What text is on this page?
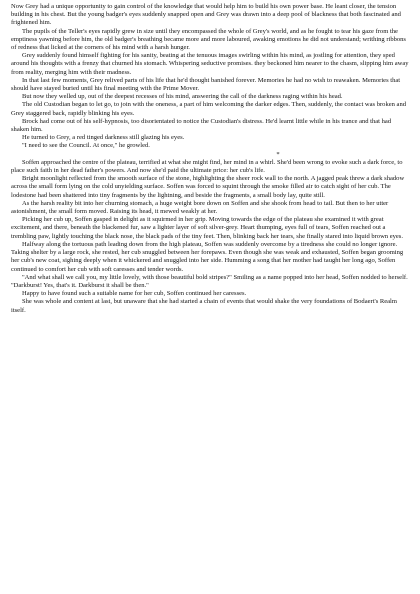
Now Grey had a unique opportunity to gain control of the knowledge that would help him to build his own power base. He leant closer, the tension building in his chest. But the young badger's eyes suddenly snapped open and Grey was drawn into a deep pool of blackness that both fascinated and frightened him.

The pupils of the Teller's eyes rapidly grew in size until they encompassed the whole of Grey's world, and as he fought to tear his gaze from the emptiness yawning before him, the old badger's breathing became more and more laboured, awaking emotions he did not understand; writhing ribbons of redness that licked at the corners of his mind with a harsh hunger.

Grey suddenly found himself fighting for his sanity, beating at the tenuous images swirling within his mind, as jostling for attention, they sped around his thoughts with a frenzy that churned his stomach. Whispering seductive promises. they beckoned him nearer to the chasm, slipping him away from reality, merging him with their madness.

In that last few moments, Grey relived parts of his life that he'd thought banished forever. Memories he had no wish to reawaken. Memories that should have stayed buried until his final meeting with the Prime Mover.

But now they welled up, out of the deepest recesses of his mind, answering the call of the darkness raging within his head.

The old Custodian began to let go, to join with the oneness, a part of him welcoming the darker edges. Then, suddenly, the contact was broken and Grey staggered back, rapidly blinking his eyes.

Brock had come out of his self-hypnosis, too disorientated to notice the Custodian's distress. He'd learnt little while in his trance and that had shaken him.

He turned to Grey, a red tinged darkness still glazing his eyes.

"I need to see the Council. At once," he growled.

*

Soffen approached the centre of the plateau, terrified at what she might find, her mind in a whirl. She'd been wrong to evoke such a dark force, to place such faith in her dead father's powers. And now she'd paid the ultimate price: her cub's life.

Bright moonlight reflected from the smooth surface of the stone, highlighting the sheer rock wall to the north. A jagged peak threw a dark shadow across the small form lying on the cold unyielding surface. Soffen was forced to squint through the smoke filled air to catch sight of her cub. The lodestone had been shattered into tiny fragments by the lightning, and beside the fragments, a small body lay, quite still.

As the harsh reality bit into her churning stomach, a huge weight bore down on Soffen and she shook from head to tail. But then to her utter astonishment, the small form moved. Raising its head, it mewed weakly at her.

Picking her cub up, Soffen gasped in delight as it squirmed in her grip. Moving towards the edge of the plateau she examined it with great excitement, and there, beneath the blackened fur, saw a lighter layer of soft silver-grey. Heart thumping, eyes full of tears, Soffen reached out a trembling paw, lightly touching the black nose, the black pads of the tiny feet. Then, blinking back her tears, she finally stared into liquid brown eyes.

Halfway along the tortuous path leading down from the high plateau, Soffen was suddenly overcome by a tiredness she could no longer ignore. Taking shelter by a large rock, she rested, her cub snuggled between her forepaws. Even though she was weak and exhausted, Soffen began grooming her cub's new coat, sighing deeply when it whickered and snuggled into her side. Humming a song that her mother had taught her long ago, Soffen continued to comfort her cub with soft caresses and tender words.

"And what shall we call you, my little lovely, with those beautiful bold stripes?" Smiling as a name popped into her head, Soffen nodded to herself. "Darkburst! Yes, that's it. Darkburst it shall be then."

Happy to have found such a suitable name for her cub, Soffen continued her caresses.

She was whole and content at last, but unaware that she had started a chain of events that would shake the very foundations of Bodaert's Realm itself.
